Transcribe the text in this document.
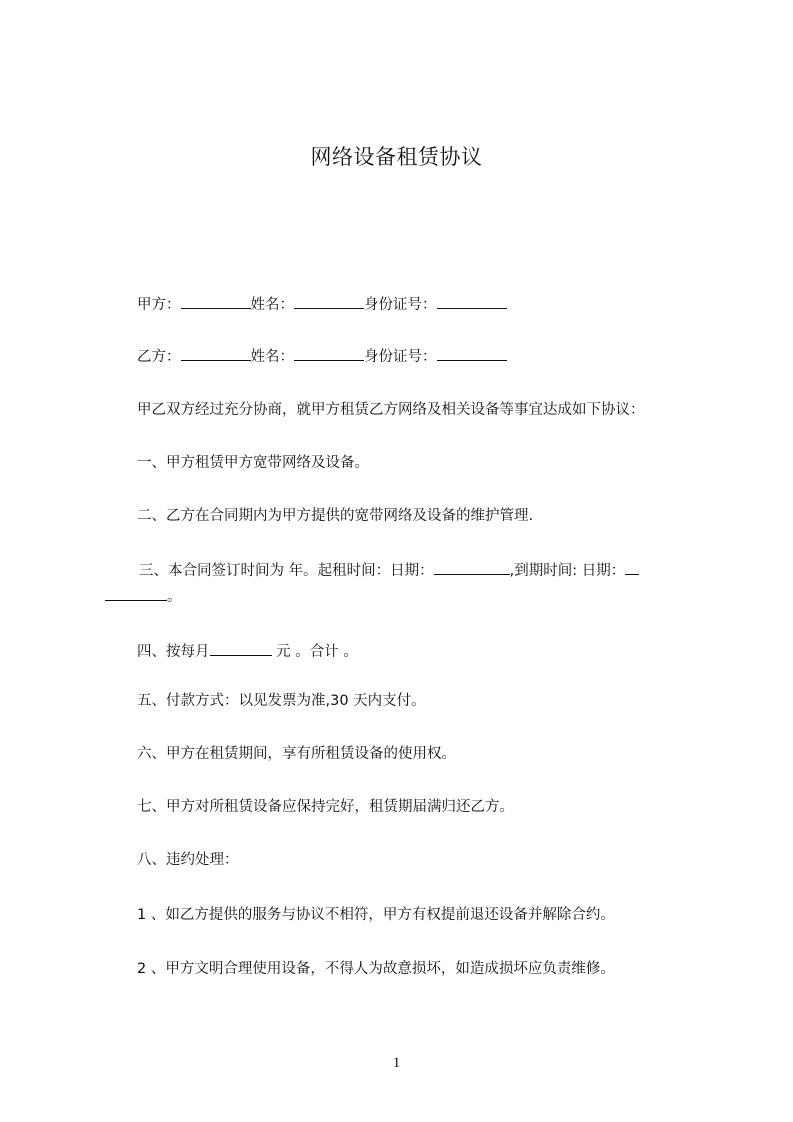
网络设备租赁协议
甲方：	姓名：	身份证号：
乙方：	姓名：	身份证号：
甲乙双方经过充分协商，就甲方租赁乙方网络及相关设备等事宜达成如下协议：
一、甲方租赁甲方宽带网络及设备。
二、乙方在合同期内为甲方提供的宽带网络及设备的维护管理.
三、本合同签订时间为 年。起租时间：日期：	,到期时间: 日期：
。
四、按每月	元 。合计 。
五、付款方式：以见发票为准,30 天内支付。
六、甲方在租赁期间，享有所租赁设备的使用权。
七、甲方对所租赁设备应保持完好，租赁期届满归还乙方。
八、违约处理：
1 、如乙方提供的服务与协议不相符，甲方有权提前退还设备并解除合约。
2 、甲方文明合理使用设备，不得人为故意损坏，如造成损坏应负责维修。
1
